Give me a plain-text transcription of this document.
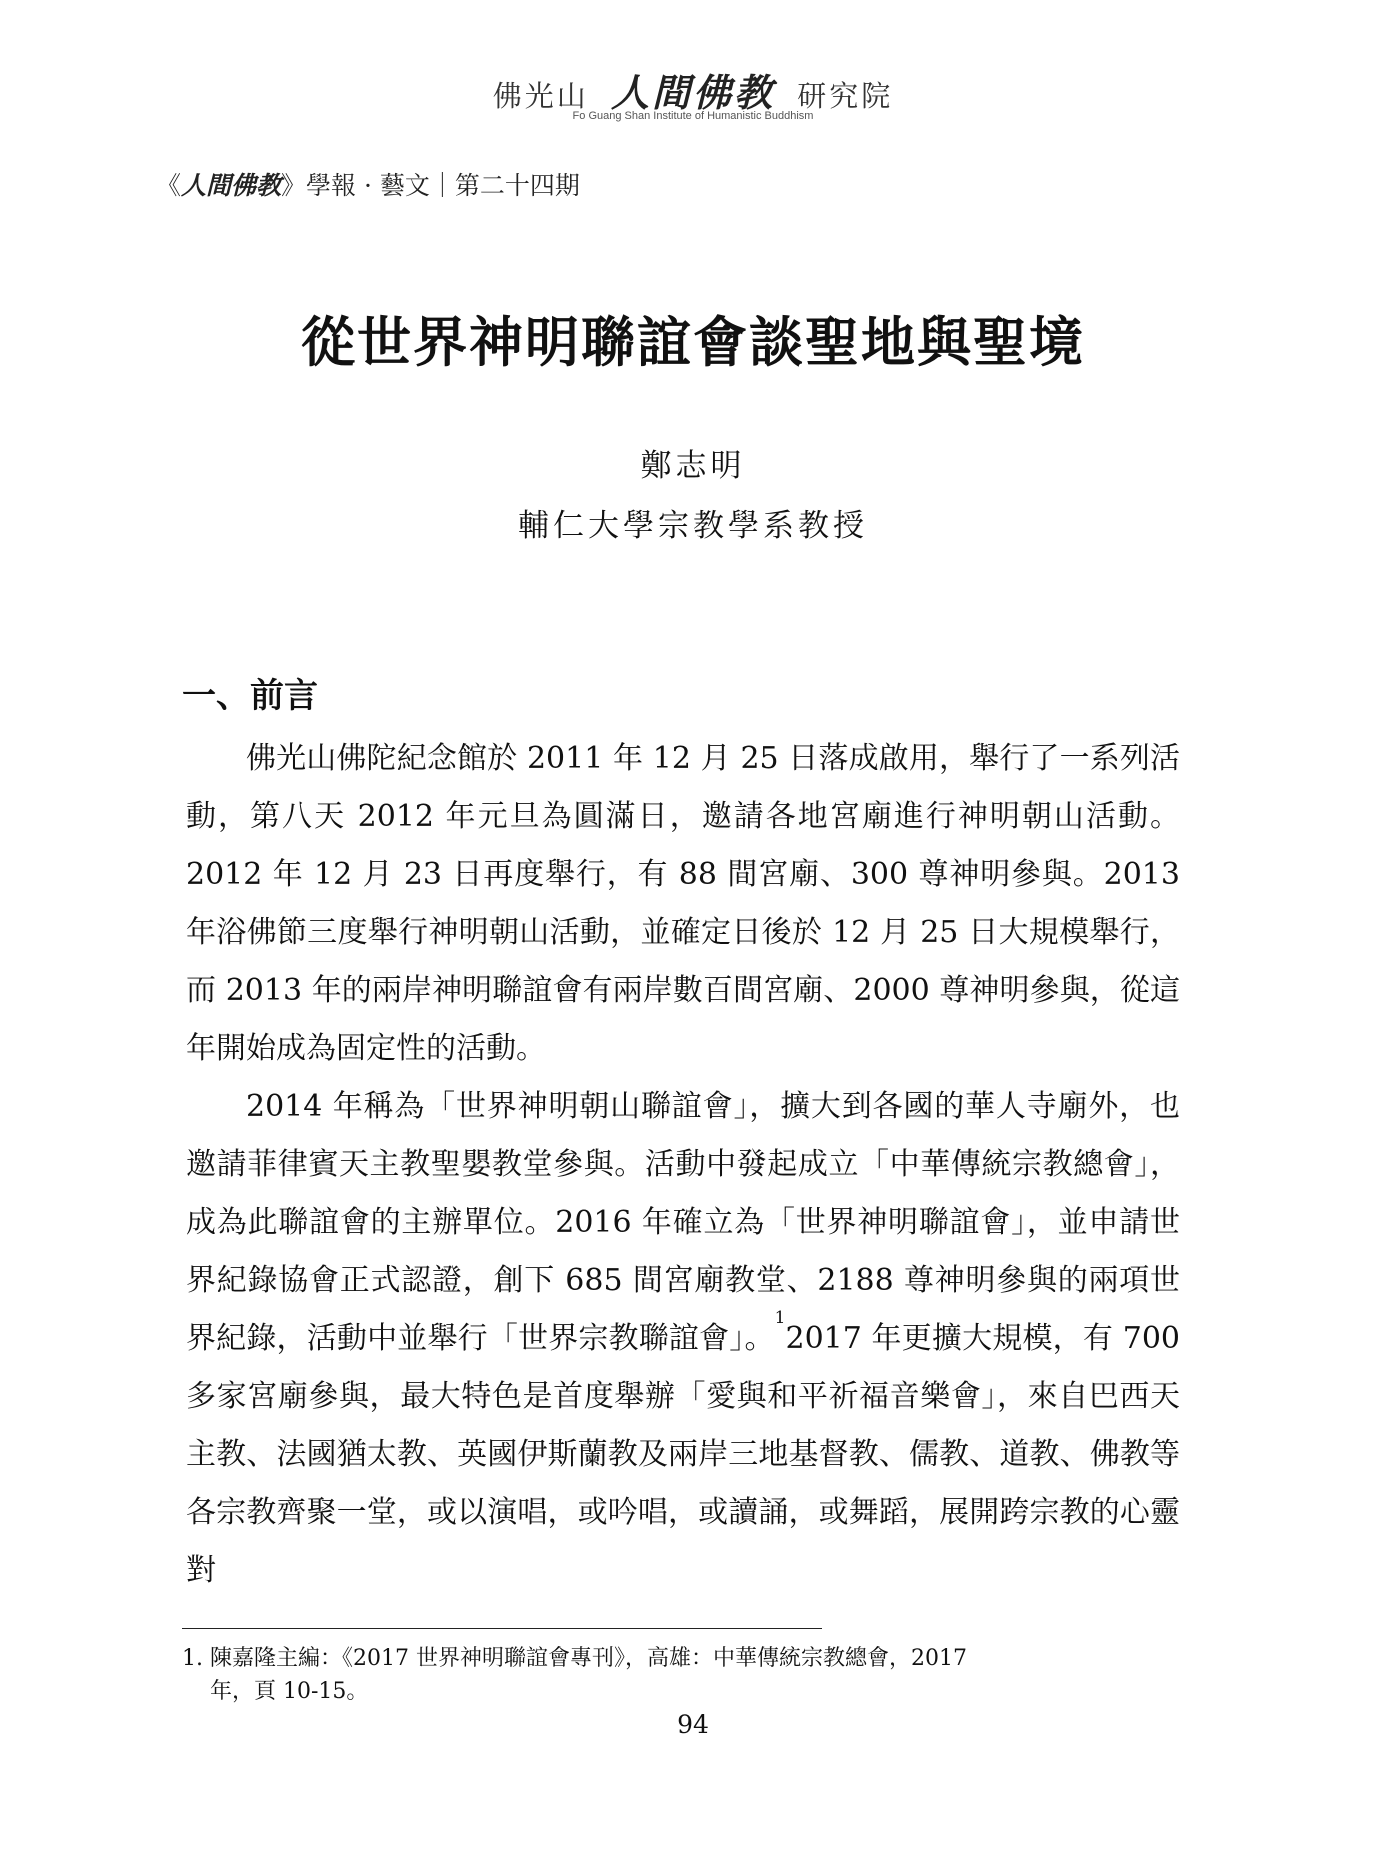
佛光山 人間佛教 研究院
Fo Guang Shan Institute of Humanistic Buddhism
《人間佛教》學報 · 藝文｜第二十四期
從世界神明聯誼會談聖地與聖境
鄭志明
輔仁大學宗教學系教授
一、前言

佛光山佛陀紀念館於 2011 年 12 月 25 日落成啟用，舉行了一系列活動，第八天 2012 年元旦為圓滿日，邀請各地宮廟進行神明朝山活動。2012 年 12 月 23 日再度舉行，有 88 間宮廟、300 尊神明參與。2013 年浴佛節三度舉行神明朝山活動，並確定日後於 12 月 25 日大規模舉行，而 2013 年的兩岸神明聯誼會有兩岸數百間宮廟、2000 尊神明參與，從這年開始成為固定性的活動。

2014 年稱為「世界神明朝山聯誼會」，擴大到各國的華人寺廟外，也邀請菲律賓天主教聖嬰教堂參與。活動中發起成立「中華傳統宗教總會」，成為此聯誼會的主辦單位。2016 年確立為「世界神明聯誼會」，並申請世界紀錄協會正式認證，創下 685 間宮廟教堂、2188 尊神明參與的兩項世界紀錄，活動中並舉行「世界宗教聯誼會」。$^1$2017 年更擴大規模，有 700 多家宮廟參與，最大特色是首度舉辦「愛與和平祈福音樂會」，來自巴西天主教、法國猶太教、英國伊斯蘭教及兩岸三地基督教、儒教、道教、佛教等各宗教齊聚一堂，或以演唱，或吟唱，或讀誦，或舞蹈，展開跨宗教的心靈對

1. 陳嘉隆主編：《2017 世界神明聯誼會專刊》，高雄：中華傳統宗教總會，2017
年，頁 10-15。
94
